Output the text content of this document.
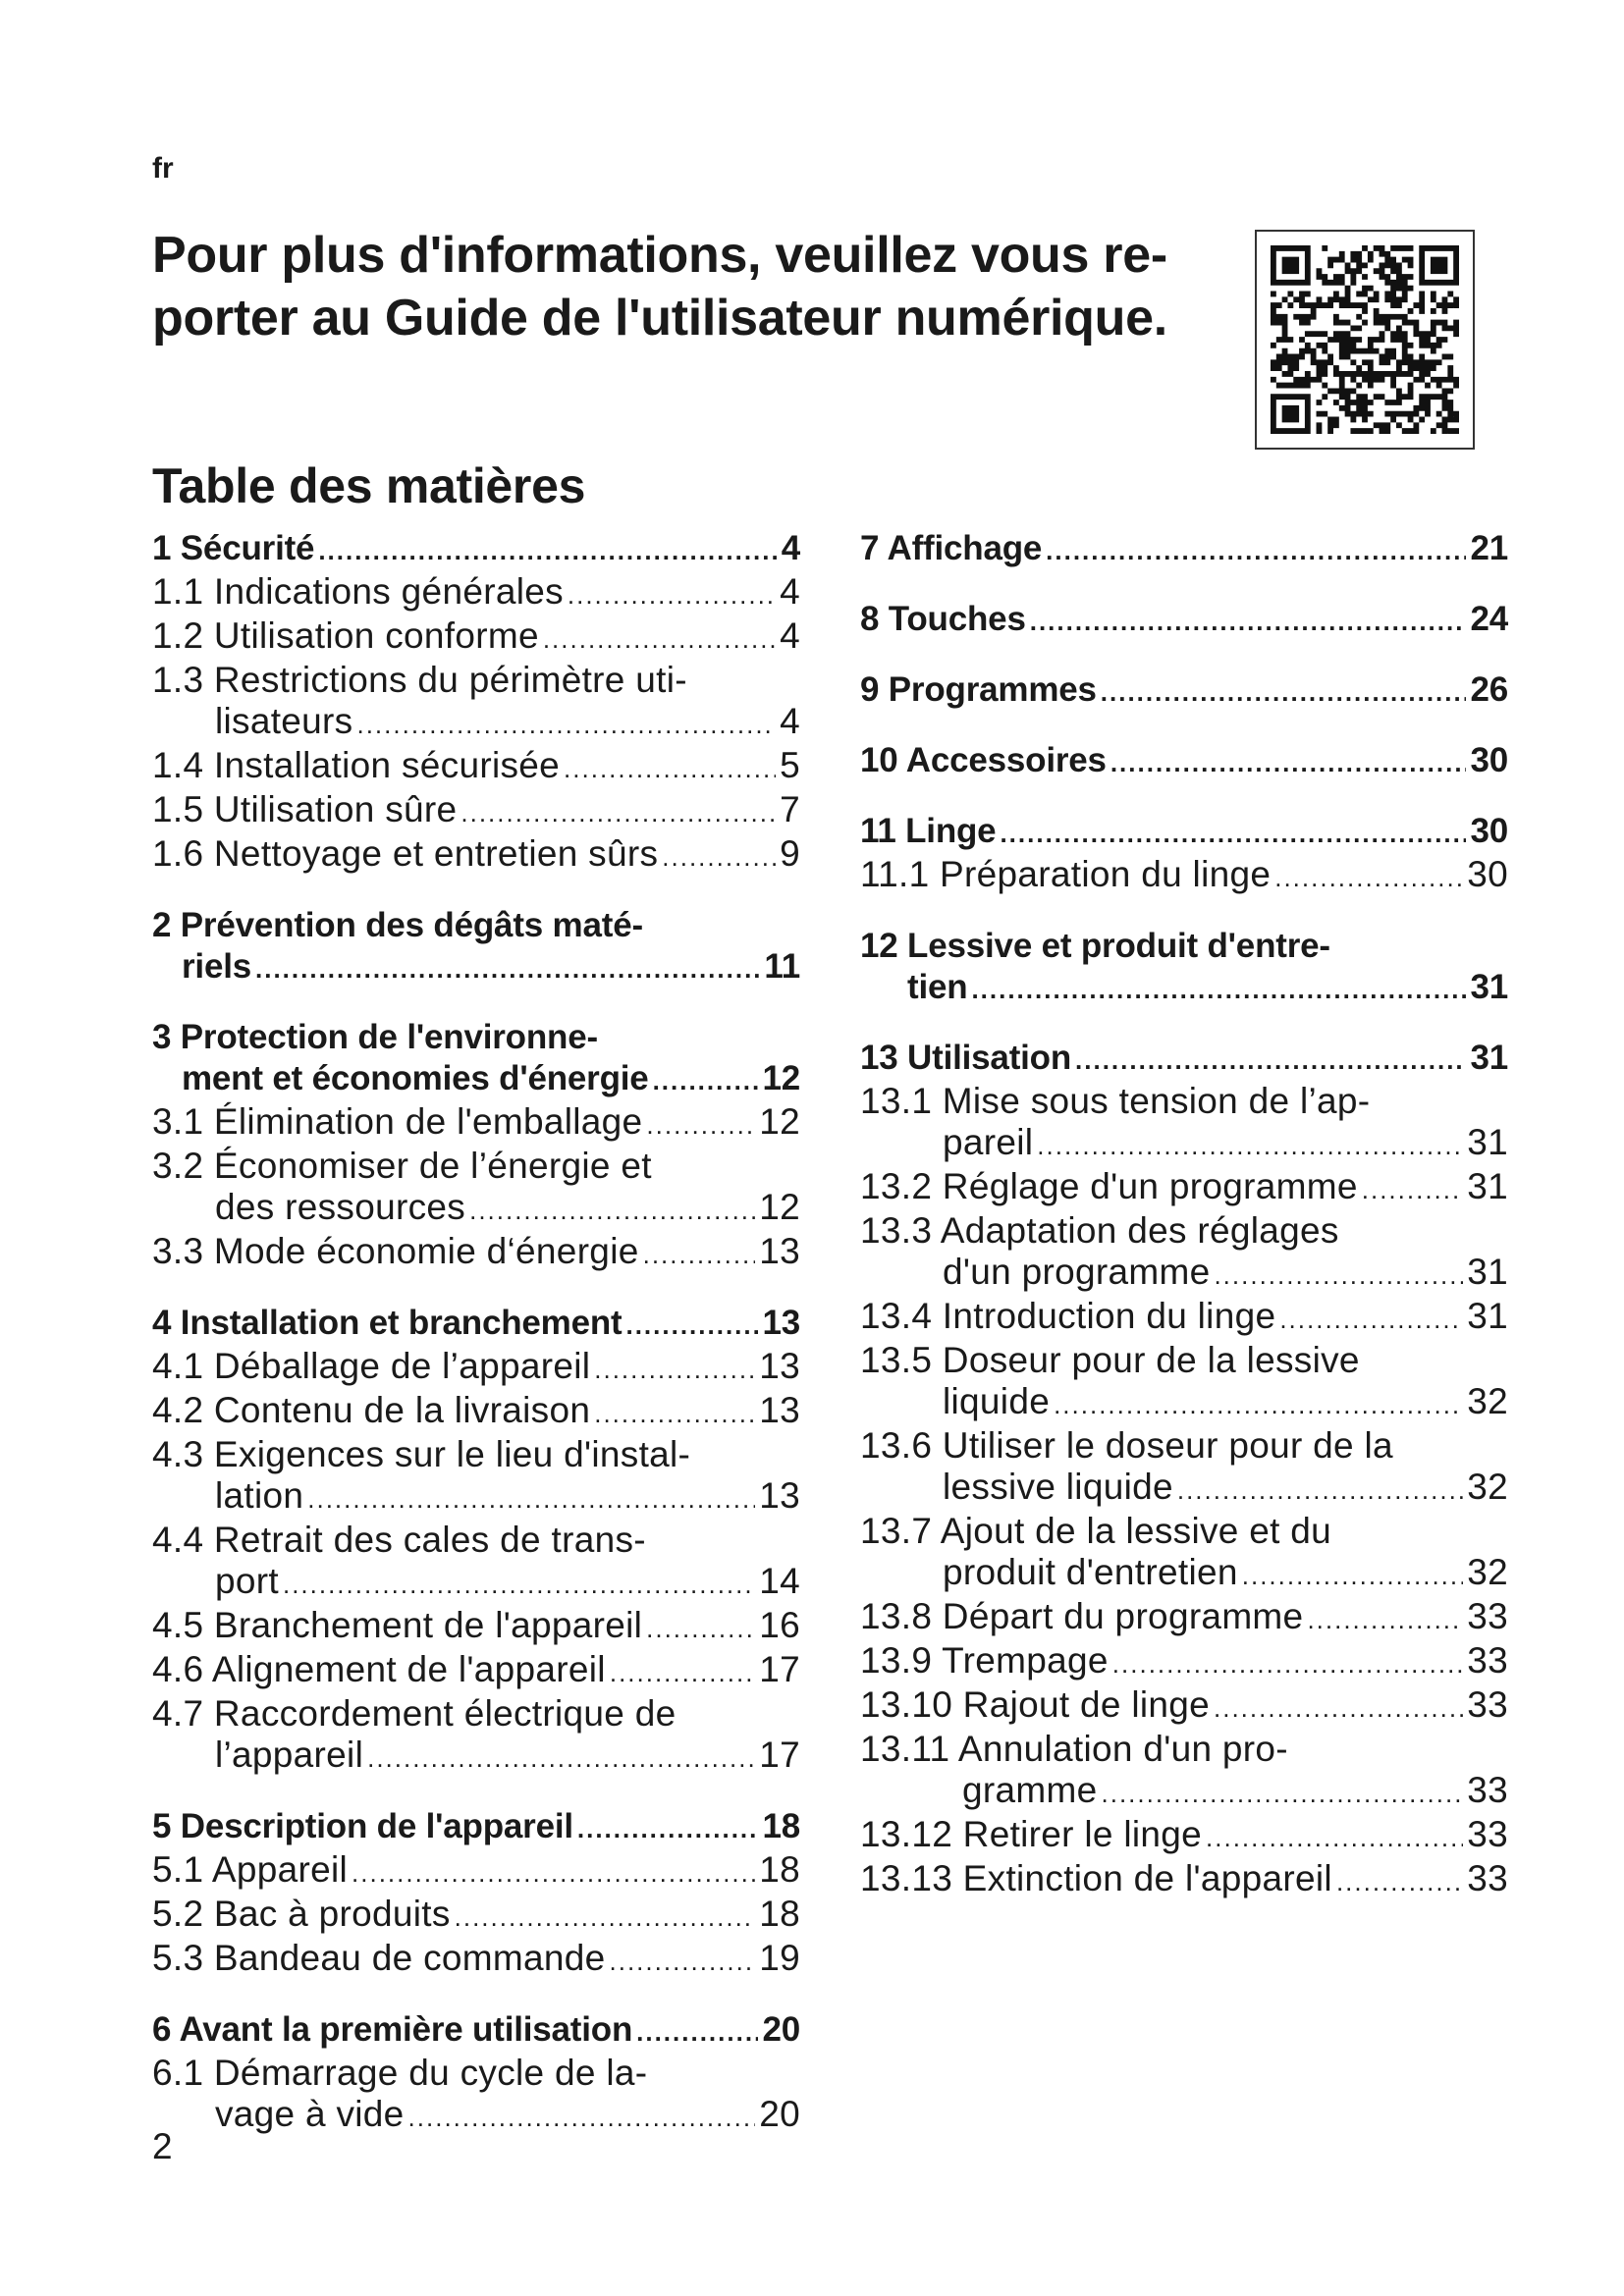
fr
Pour plus d'informations, veuillez vous re-
porter au Guide de l'utilisateur numérique.
Table des matières
1 Sécurité .....	4
1.1 Indications générales .....	4
1.2 Utilisation conforme .....	4
1.3 Restrictions du périmètre uti-
lisateurs .....	4
1.4 Installation sécurisée .....	5
1.5 Utilisation sûre .....	7
1.6 Nettoyage et entretien sûrs .....	9
2 Prévention des dégâts maté-
riels .....	11
3 Protection de l'environne-
ment et économies d'énergie .....	12
3.1 Élimination de l'emballage .....	12
3.2 Économiser de l’énergie et
des ressources .....	12
3.3 Mode économie d‘énergie .....	13
4 Installation et branchement .....	13
4.1 Déballage de l’appareil .....	13
4.2 Contenu de la livraison .....	13
4.3 Exigences sur le lieu d'instal-
lation .....	13
4.4 Retrait des cales de trans-
port .....	14
4.5 Branchement de l'appareil .....	16
4.6 Alignement de l'appareil .....	17
4.7 Raccordement électrique de
l’appareil .....	17
5 Description de l'appareil .....	18
5.1 Appareil .....	18
5.2 Bac à produits .....	18
5.3 Bandeau de commande .....	19
6 Avant la première utilisation .....	20
6.1 Démarrage du cycle de la-
vage à vide .....	20
7 Affichage .....	21
8 Touches .....	24
9 Programmes .....	26
10 Accessoires .....	30
11 Linge .....	30
11.1 Préparation du linge .....	30
12 Lessive et produit d'entre-
tien .....	31
13 Utilisation .....	31
13.1 Mise sous tension de l’ap-
pareil .....	31
13.2 Réglage d'un programme .....	31
13.3 Adaptation des réglages
d'un programme .....	31
13.4 Introduction du linge .....	31
13.5 Doseur pour de la lessive
liquide .....	32
13.6 Utiliser le doseur pour de la
lessive liquide .....	32
13.7 Ajout de la lessive et du
produit d'entretien .....	32
13.8 Départ du programme .....	33
13.9 Trempage .....	33
13.10 Rajout de linge .....	33
13.11 Annulation d'un pro-
gramme .....	33
13.12 Retirer le linge .....	33
13.13 Extinction de l'appareil .....	33
2
